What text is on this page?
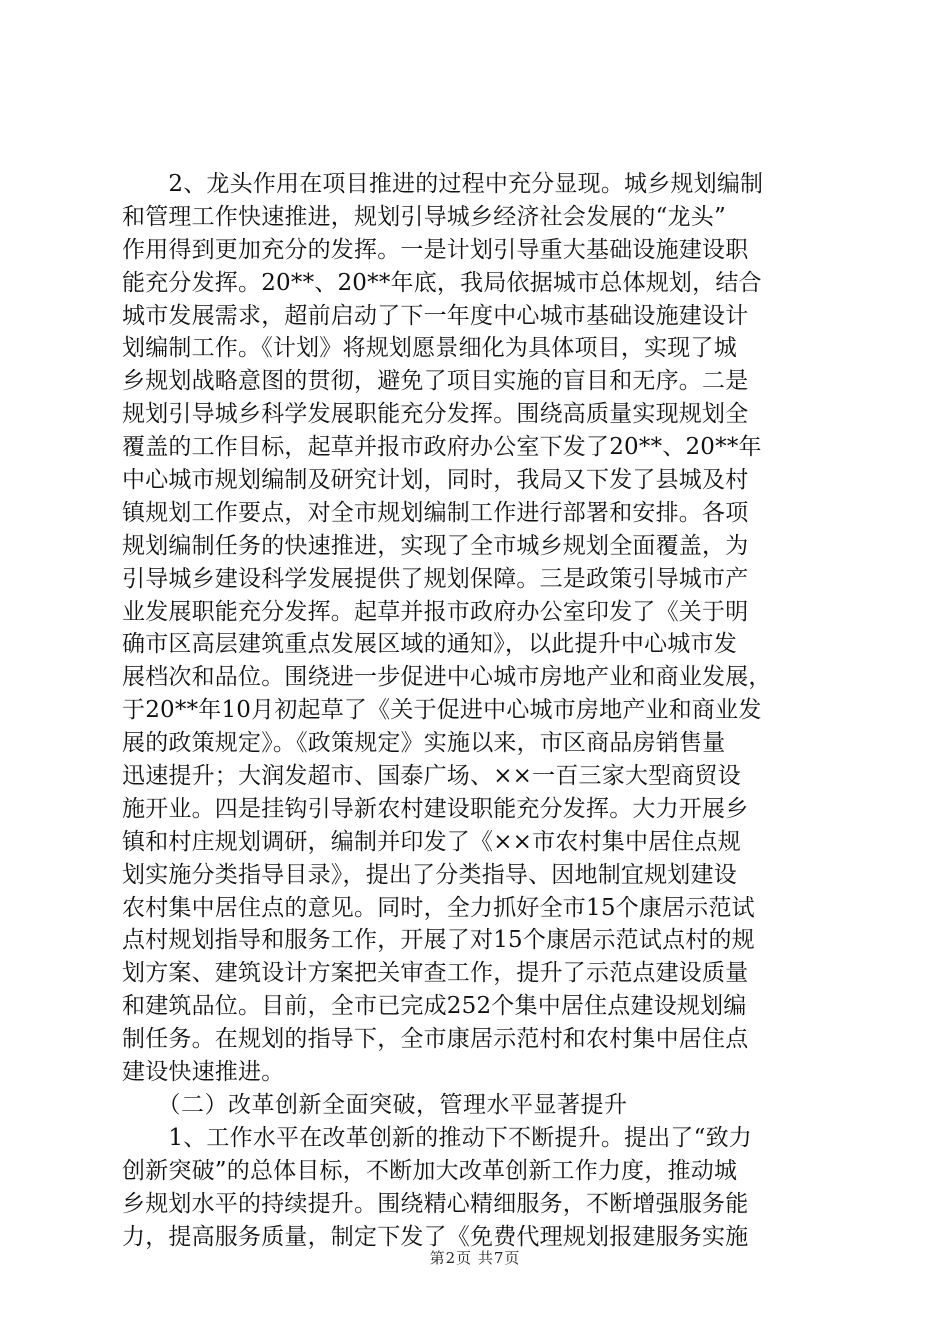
　　2、龙头作用在项目推进的过程中充分显现。城乡规划编制
和管理工作快速推进，规划引导城乡经济社会发展的“龙头”
作用得到更加充分的发挥。一是计划引导重大基础设施建设职
能充分发挥。20**、20**年底，我局依据城市总体规划，结合
城市发展需求，超前启动了下一年度中心城市基础设施建设计
划编制工作。《计划》将规划愿景细化为具体项目，实现了城
乡规划战略意图的贯彻，避免了项目实施的盲目和无序。二是
规划引导城乡科学发展职能充分发挥。围绕高质量实现规划全
覆盖的工作目标，起草并报市政府办公室下发了20**、20**年
中心城市规划编制及研究计划，同时，我局又下发了县城及村
镇规划工作要点，对全市规划编制工作进行部署和安排。各项
规划编制任务的快速推进，实现了全市城乡规划全面覆盖，为
引导城乡建设科学发展提供了规划保障。三是政策引导城市产
业发展职能充分发挥。起草并报市政府办公室印发了《关于明
确市区高层建筑重点发展区域的通知》，以此提升中心城市发
展档次和品位。围绕进一步促进中心城市房地产业和商业发展，
于20**年10月初起草了《关于促进中心城市房地产业和商业发
展的政策规定》。《政策规定》实施以来，市区商品房销售量
迅速提升；大润发超市、国泰广场、××一百三家大型商贸设
施开业。四是挂钩引导新农村建设职能充分发挥。大力开展乡
镇和村庄规划调研，编制并印发了《××市农村集中居住点规
划实施分类指导目录》，提出了分类指导、因地制宜规划建设
农村集中居住点的意见。同时，全力抓好全市15个康居示范试
点村规划指导和服务工作，开展了对15个康居示范试点村的规
划方案、建筑设计方案把关审查工作，提升了示范点建设质量
和建筑品位。目前，全市已完成252个集中居住点建设规划编
制任务。在规划的指导下，全市康居示范村和农村集中居住点
建设快速推进。
　　（二）改革创新全面突破，管理水平显著提升
　　1、工作水平在改革创新的推动下不断提升。提出了“致力
创新突破”的总体目标，不断加大改革创新工作力度，推动城
乡规划水平的持续提升。围绕精心精细服务，不断增强服务能
力，提高服务质量，制定下发了《免费代理规划报建服务实施
第2页 共7页
